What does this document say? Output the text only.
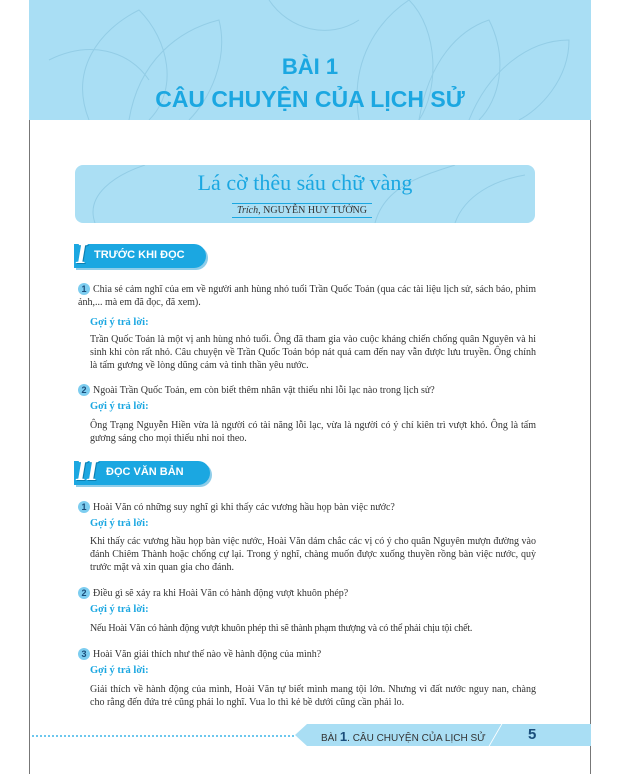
BÀI 1
CÂU CHUYỆN CỦA LỊCH SỬ
Lá cờ thêu sáu chữ vàng
Trích, NGUYỄN HUY TƯỞNG
I TRƯỚC KHI ĐỌC
1 Chia sẻ cảm nghĩ của em về người anh hùng nhỏ tuổi Trần Quốc Toản (qua các tài liệu lịch sử, sách báo, phim ảnh,... mà em đã đọc, đã xem).
Gợi ý trả lời:
Trần Quốc Toản là một vị anh hùng nhỏ tuổi. Ông đã tham gia vào cuộc kháng chiến chống quân Nguyên và hi sinh khi còn rất nhỏ. Câu chuyện về Trần Quốc Toản bóp nát quả cam đến nay vẫn được lưu truyền. Ông chính là tấm gương về lòng dũng cảm và tinh thần yêu nước.
2 Ngoài Trần Quốc Toản, em còn biết thêm nhân vật thiếu nhi lỗi lạc nào trong lịch sử?
Gợi ý trả lời:
Ông Trạng Nguyễn Hiền vừa là người có tài năng lỗi lạc, vừa là người có ý chí kiên trì vượt khó. Ông là tấm gương sáng cho mọi thiếu nhi noi theo.
II ĐỌC VĂN BẢN
1 Hoài Văn có những suy nghĩ gì khi thấy các vương hầu họp bàn việc nước?
Gợi ý trả lời:
Khi thấy các vương hầu họp bàn việc nước, Hoài Văn dám chắc các vị có ý cho quân Nguyên mượn đường vào đánh Chiêm Thành hoặc chống cự lại. Trong ý nghĩ, chàng muốn được xuống thuyền rồng bàn việc nước, quỳ trước mặt và xin quan gia cho đánh.
2 Điều gì sẽ xảy ra khi Hoài Văn có hành động vượt khuôn phép?
Gợi ý trả lời:
Nếu Hoài Văn có hành động vượt khuôn phép thì sẽ thành phạm thượng và có thể phải chịu tội chết.
3 Hoài Văn giải thích như thế nào về hành động của mình?
Gợi ý trả lời:
Giải thích về hành động của mình, Hoài Văn tự biết mình mang tội lớn. Nhưng vì đất nước nguy nan, chàng cho rằng đến đứa trẻ cũng phải lo nghĩ. Vua lo thì kẻ bề dưới cũng cần phải lo.
BÀI 1. CÂU CHUYỆN CỦA LỊCH SỬ	5
